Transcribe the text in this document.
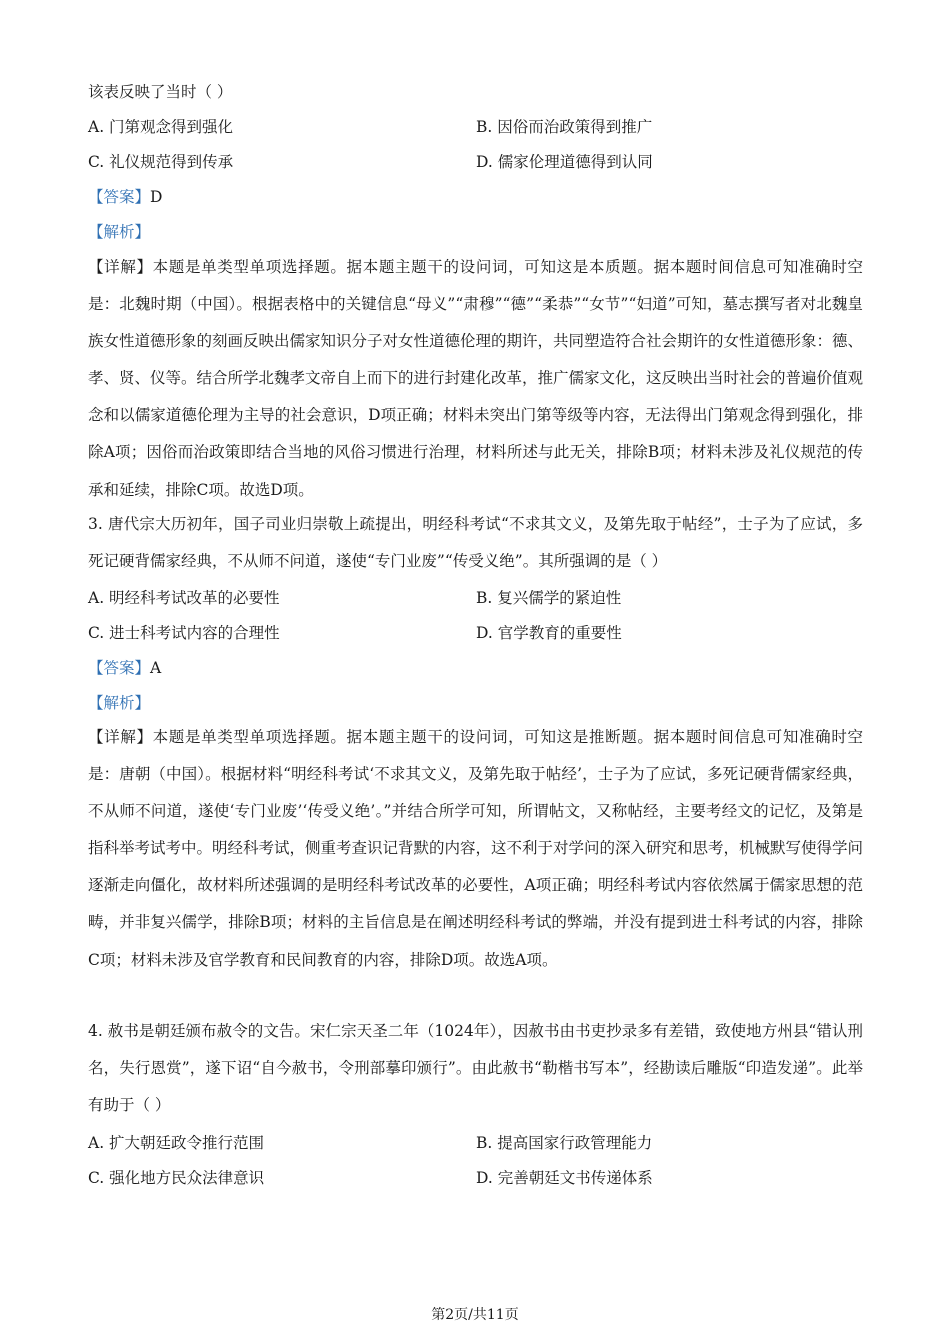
该表反映了当时（ ）
A. 门第观念得到强化	B. 因俗而治政策得到推广
C. 礼仪规范得到传承	D. 儒家伦理道德得到认同
【答案】D
【解析】
【详解】本题是单类型单项选择题。据本题主题干的设问词，可知这是本质题。据本题时间信息可知准确时空是：北魏时期（中国）。根据表格中的关键信息“母义”“肃穆”“德”“柔恭”“女节”“妇道”可知，墓志撰写者对北魏皇族女性道德形象的刻画反映出儒家知识分子对女性道德伦理的期许，共同塑造符合社会期许的女性道德形象：德、孝、贤、仪等。结合所学北魏孝文帝自上而下的进行封建化改革，推广儒家文化，这反映出当时社会的普遍价值观念和以儒家道德伦理为主导的社会意识，D项正确；材料未突出门第等级等内容，无法得出门第观念得到强化，排除A项；因俗而治政策即结合当地的风俗习惯进行治理，材料所述与此无关，排除B项；材料未涉及礼仪规范的传承和延续，排除C项。故选D项。
3. 唐代宗大历初年，国子司业归崇敬上疏提出，明经科考试“不求其文义，及第先取于帖经”，士子为了应试，多死记硬背儒家经典，不从师不问道，遂使“专门业废”“传受义绝”。其所强调的是（ ）
A. 明经科考试改革的必要性	B. 复兴儒学的紧迫性
C. 进士科考试内容的合理性	D. 官学教育的重要性
【答案】A
【解析】
【详解】本题是单类型单项选择题。据本题主题干的设问词，可知这是推断题。据本题时间信息可知准确时空是：唐朝（中国）。根据材料“明经科考试‘不求其文义，及第先取于帖经’，士子为了应试，多死记硬背儒家经典，不从师不问道，遂使‘专门业废’‘传受义绝’。”并结合所学可知，所谓帖文，又称帖经，主要考经文的记忆，及第是指科举考试考中。明经科考试，侧重考查识记背默的内容，这不利于对学问的深入研究和思考，机械默写使得学问逐渐走向僵化，故材料所述强调的是明经科考试改革的必要性，A项正确；明经科考试内容依然属于儒家思想的范畴，并非复兴儒学，排除B项；材料的主旨信息是在阐述明经科考试的弊端，并没有提到进士科考试的内容，排除C项；材料未涉及官学教育和民间教育的内容，排除D项。故选A项。
4. 赦书是朝廷颁布赦令的文告。宋仁宗天圣二年（1024年），因赦书由书吏抄录多有差错，致使地方州县“错认刑名，失行恩赏”，遂下诏“自今赦书，令刑部摹印颁行”。由此赦书“勒楷书写本”，经勘读后雕版“印造发递”。此举有助于（ ）
A. 扩大朝廷政令推行范围	B. 提高国家行政管理能力
C. 强化地方民众法律意识	D. 完善朝廷文书传递体系
第2页/共11页
